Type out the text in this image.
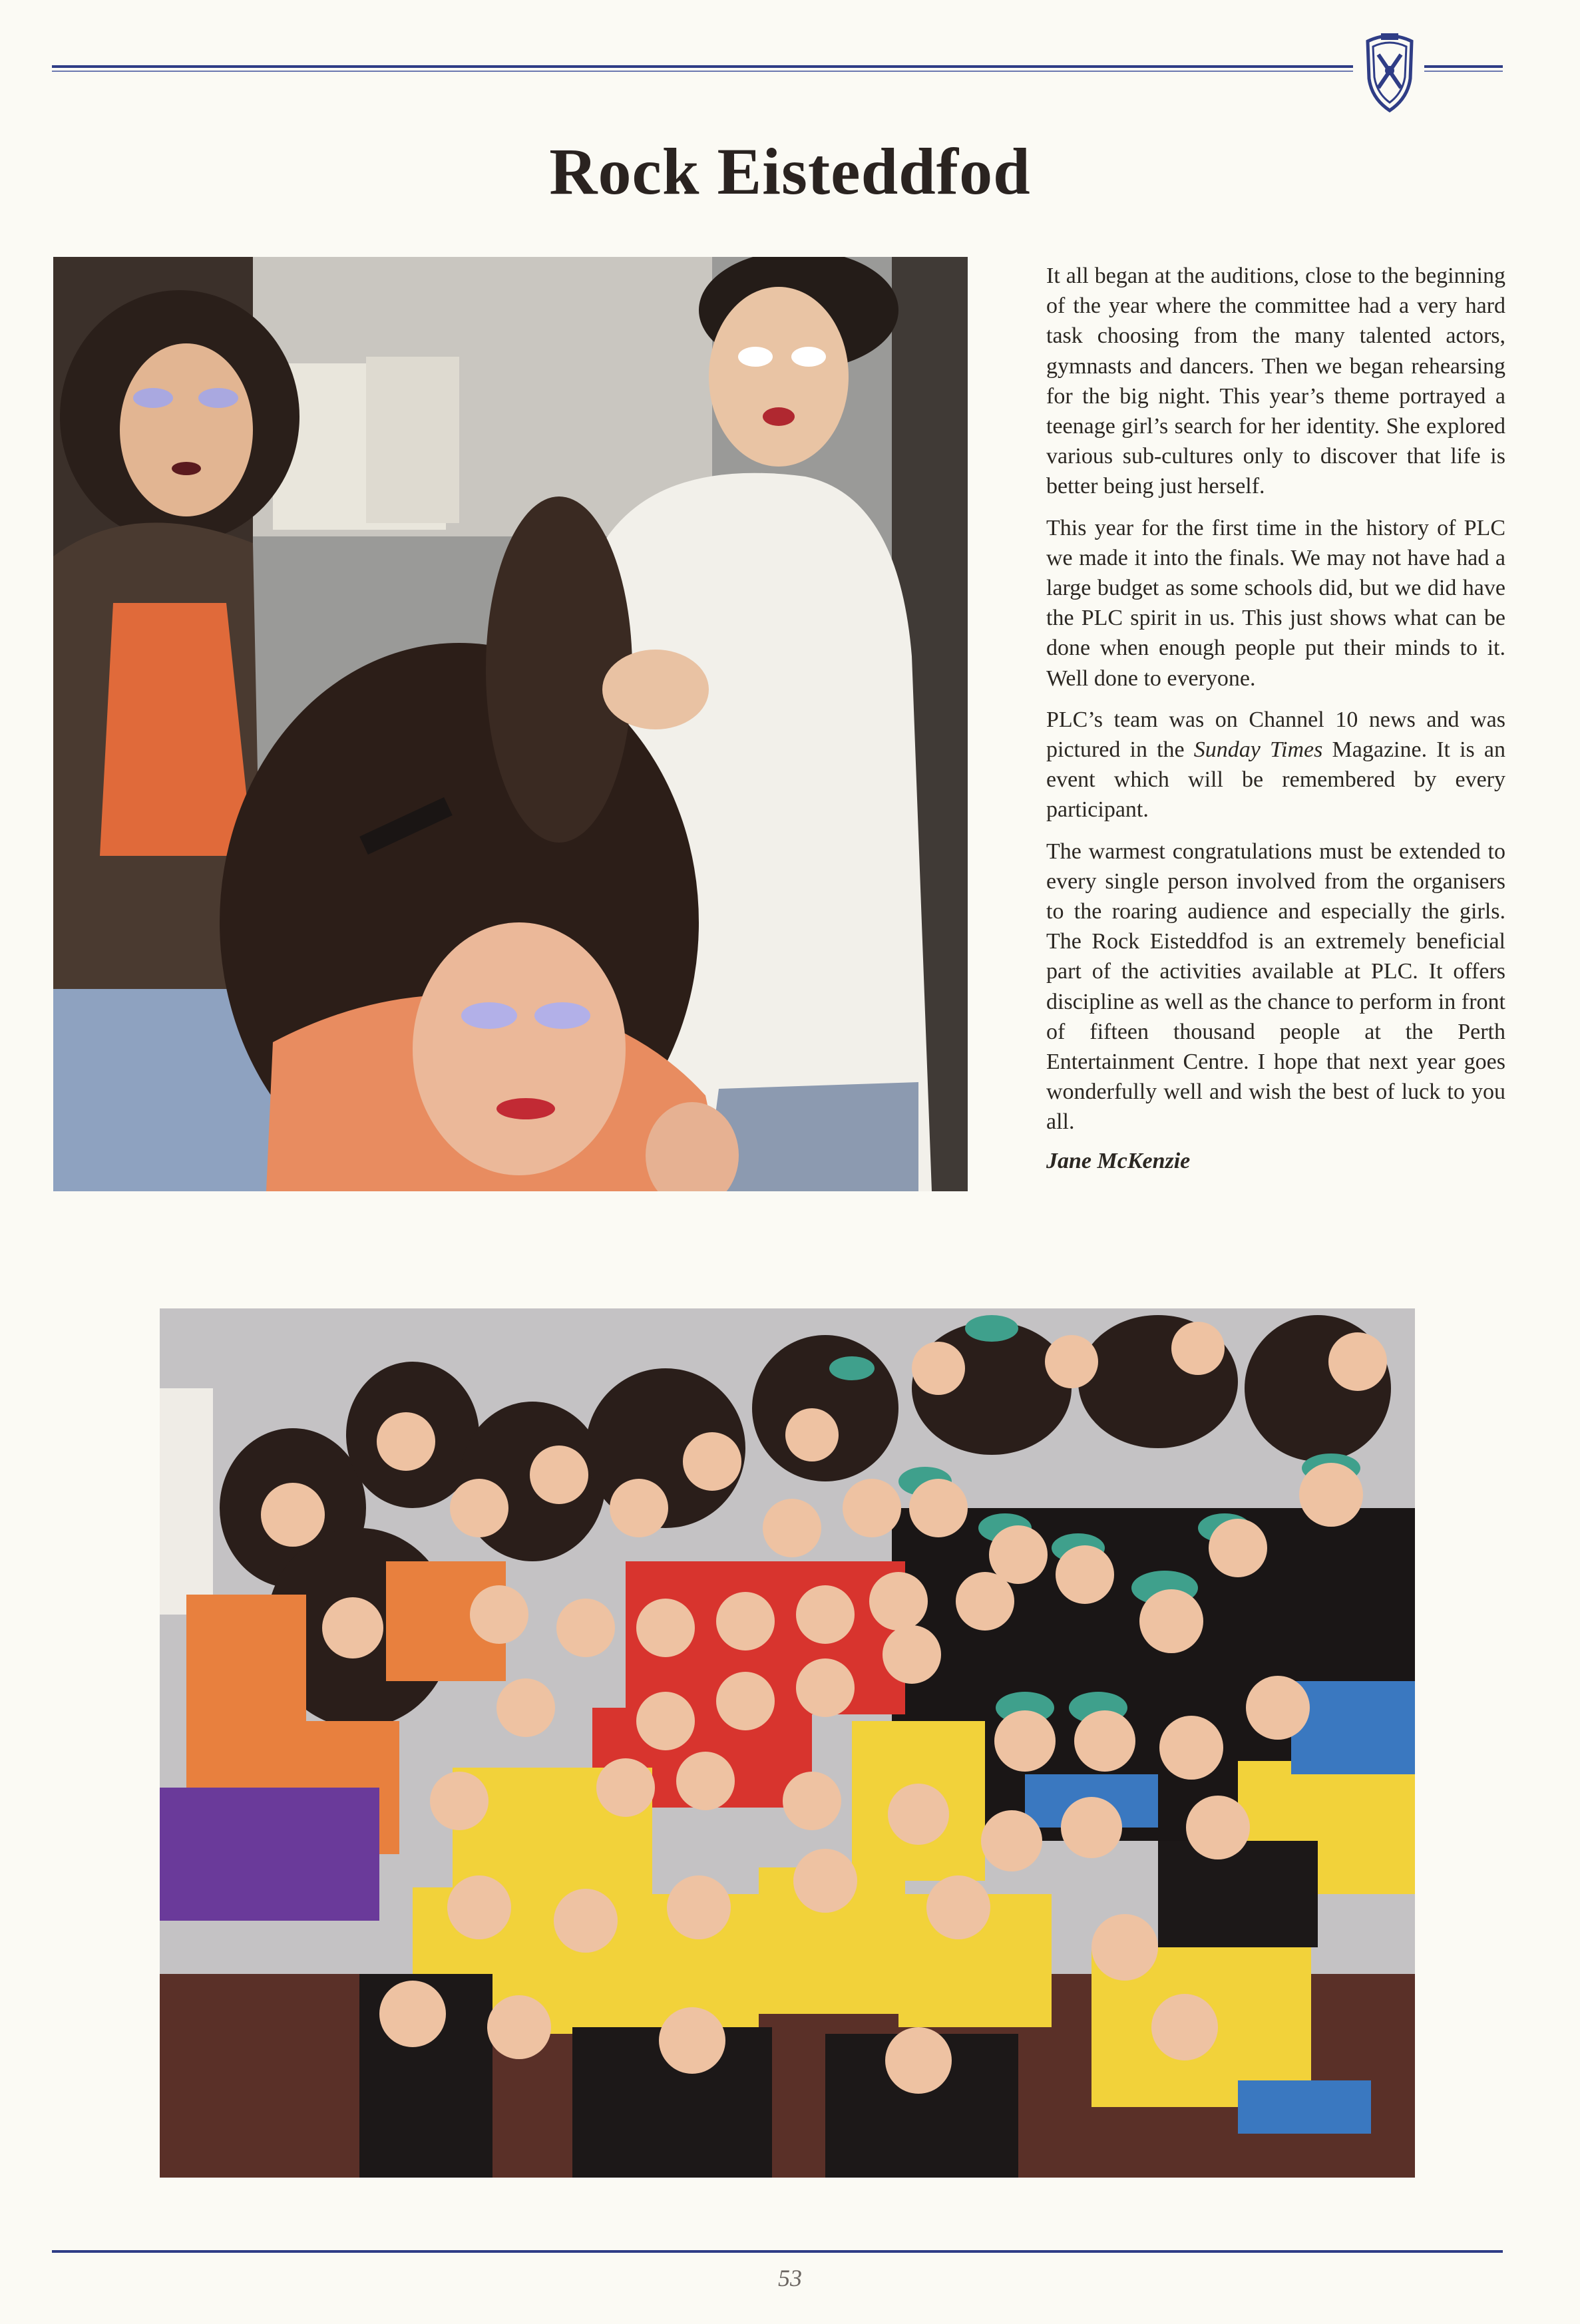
Rock Eisteddfod

It all began at the auditions, close to the beginning of the year where the committee had a very hard task choosing from the many talented actors, gymnasts and dancers. Then we began rehearsing for the big night. This year’s theme portrayed a teenage girl’s search for her identity. She explored various sub-cultures only to discover that life is better being just herself.

This year for the first time in the history of PLC we made it into the finals. We may not have had a large budget as some schools did, but we did have the PLC spirit in us. This just shows what can be done when enough people put their minds to it. Well done to everyone.

PLC’s team was on Channel 10 news and was pictured in the Sunday Times Magazine. It is an event which will be remembered by every participant.

The warmest congratulations must be extended to every single person involved from the organisers to the roaring audience and especially the girls. The Rock Eisteddfod is an extremely beneficial part of the activities available at PLC. It offers discipline as well as the chance to perform in front of fifteen thousand people at the Perth Entertainment Centre. I hope that next year goes wonderfully well and wish the best of luck to you all.

Jane McKenzie
53
